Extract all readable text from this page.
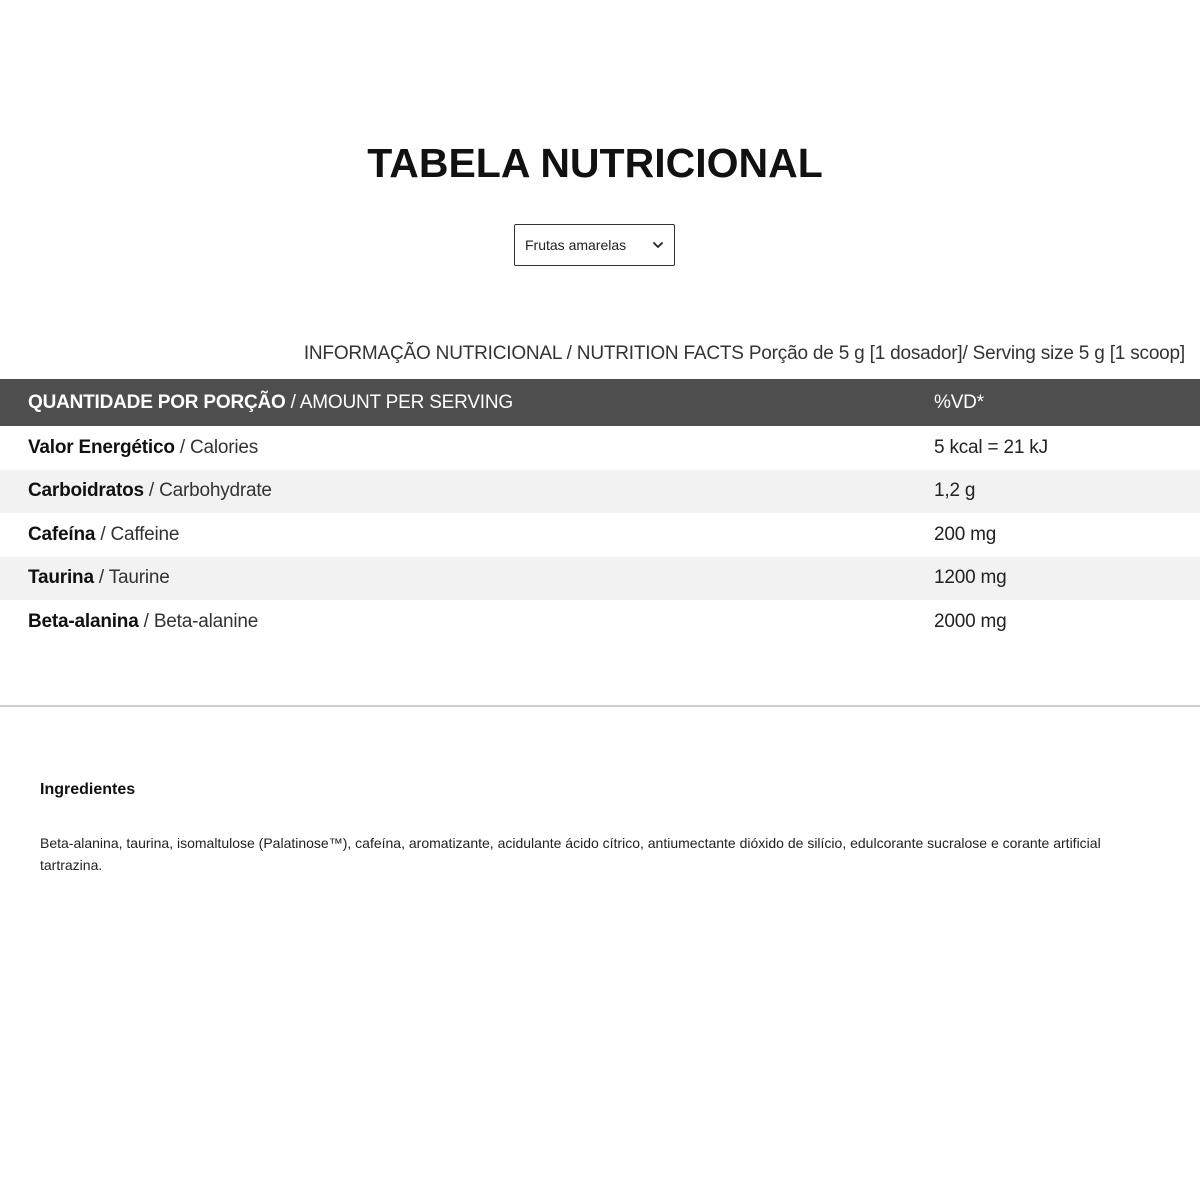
TABELA NUTRICIONAL
Frutas amarelas
INFORMAÇÃO NUTRICIONAL / NUTRITION FACTS Porção de 5 g [1 dosador]/ Serving size 5 g [1 scoop]
QUANTIDADE POR PORÇÃO / AMOUNT PER SERVING	%VD*
Valor Energético / Calories	5 kcal = 21 kJ
Carboidratos / Carbohydrate	1,2 g
Cafeína / Caffeine	200 mg
Taurina / Taurine	1200 mg
Beta-alanina / Beta-alanine	2000 mg
Ingredientes
Beta-alanina, taurina, isomaltulose (Palatinose™), cafeína, aromatizante, acidulante ácido cítrico, antiumectante dióxido de silício, edulcorante sucralose e corante artificial tartrazina.
